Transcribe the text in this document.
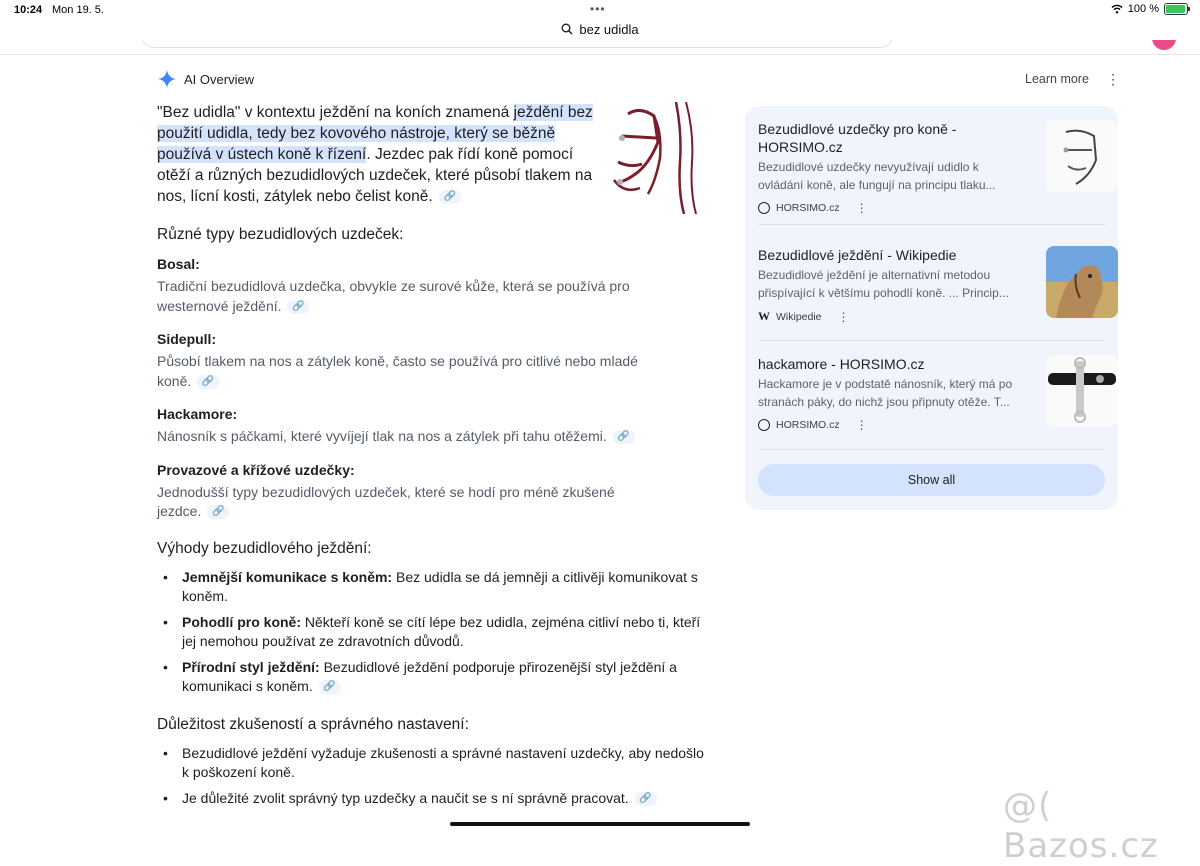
10:24 Mon 19. 5.	•••	100 %
bez udidla
AI Overview	Learn more ⋮

"Bez udidla" v kontextu ježdění na koních znamená ježdění bez použití udidla, tedy bez kovového nástroje, který se běžně používá v ústech koně k řízení. Jezdec pak řídí koně pomocí otěží a různých bezudidlových uzdeček, které působí tlakem na nos, lícní kosti, zátylek nebo čelist koně. 🔗

Různé typy bezudidlových uzdeček:
Bosal:
Tradiční bezudidlová uzdečka, obvykle ze surové kůže, která se používá pro westernové ježdění. 🔗
Sidepull:
Působí tlakem na nos a zátylek koně, často se používá pro citlivé nebo mladé koně. 🔗
Hackamore:
Nánosník s páčkami, které vyvíjejí tlak na nos a zátylek při tahu otěžemi. 🔗
Provazové a křížové uzdečky:
Jednodušší typy bezudidlových uzdeček, které se hodí pro méně zkušené jezdce. 🔗
Výhody bezudidlového ježdění:
• Jemnější komunikace s koněm: Bez udidla se dá jemněji a citlivěji komunikovat s koněm.
• Pohodlí pro koně: Někteří koně se cítí lépe bez udidla, zejména citliví nebo ti, kteří jej nemohou používat ze zdravotních důvodů.
• Přírodní styl ježdění: Bezudidlové ježdění podporuje přirozenější styl ježdění a komunikaci s koněm. 🔗
Důležitost zkušeností a správného nastavení:
• Bezudidlové ježdění vyžaduje zkušenosti a správné nastavení uzdečky, aby nedošlo k poškození koně.
• Je důležité zvolit správný typ uzdečky a naučit se s ní správně pracovat. 🔗
Bezudidlové uzdečky pro koně - HORSIMO.cz
Bezudidlové uzdečky nevyužívají udidlo k ovládání koně, ale fungují na principu tlaku...
HORSIMO.cz ⋮
Bezudidlové ježdění - Wikipedie
Bezudidlové ježdění je alternativní metodou přispívající k většímu pohodlí koně. ... Princip...
W Wikipedie ⋮
hackamore - HORSIMO.cz
Hackamore je v podstatě nánosník, který má po stranách páky, do nichž jsou připnuty otěže. T...
HORSIMO.cz ⋮
Show all
@( Bazos.cz
